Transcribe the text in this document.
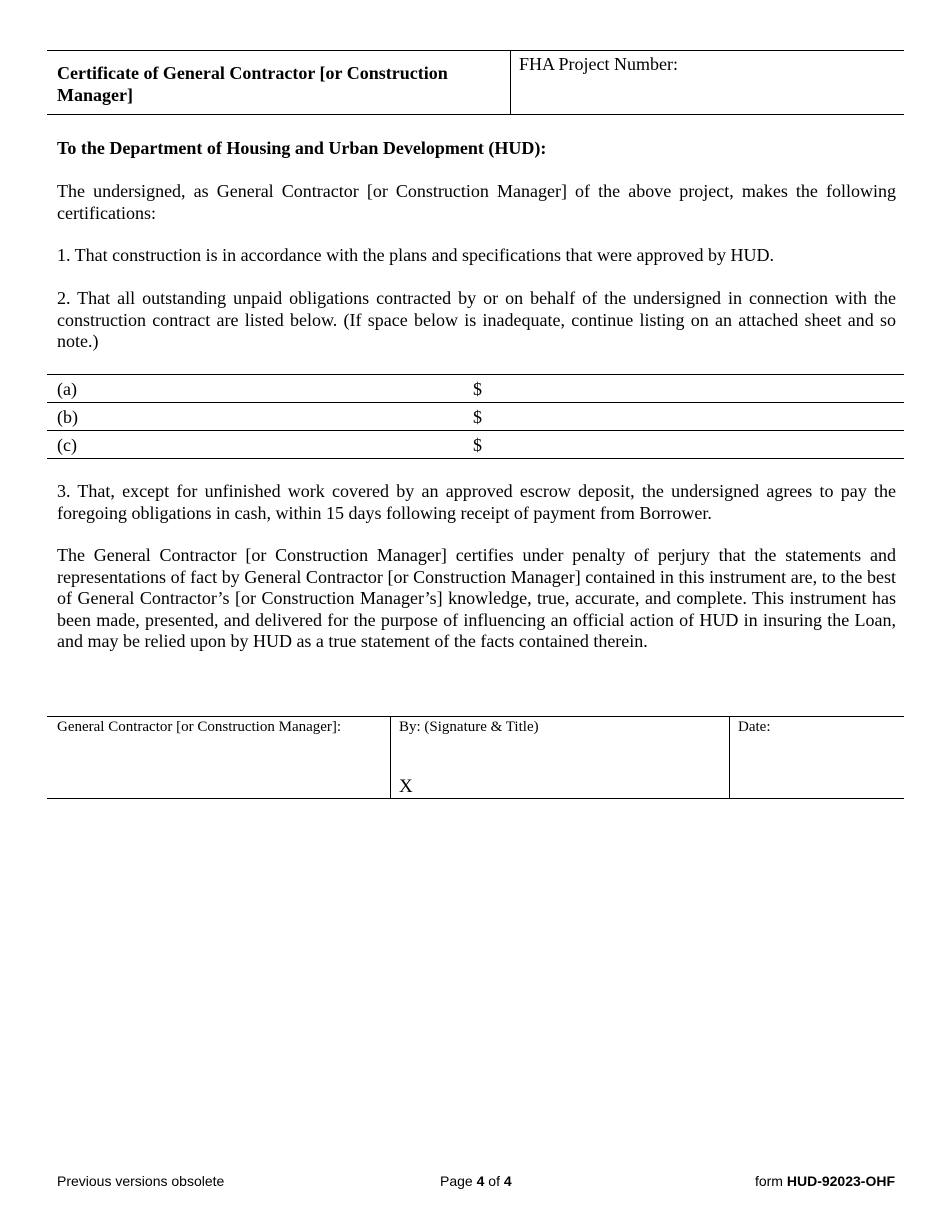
Certificate of General Contractor [or Construction Manager]
FHA Project Number:
To the Department of Housing and Urban Development (HUD):
The undersigned, as General Contractor [or Construction Manager] of the above project, makes the following certifications:
1. That construction is in accordance with the plans and specifications that were approved by HUD.
2. That all outstanding unpaid obligations contracted by or on behalf of the undersigned in connection with the construction contract are listed below. (If space below is inadequate, continue listing on an attached sheet and so note.)
(a)	$
(b)	$
(c)	$
3. That, except for unfinished work covered by an approved escrow deposit, the undersigned agrees to pay the foregoing obligations in cash, within 15 days following receipt of payment from Borrower.
The General Contractor [or Construction Manager] certifies under penalty of perjury that the statements and representations of fact by General Contractor [or Construction Manager] contained in this instrument are, to the best of General Contractor’s [or Construction Manager’s] knowledge, true, accurate, and complete. This instrument has been made, presented, and delivered for the purpose of influencing an official action of HUD in insuring the Loan, and may be relied upon by HUD as a true statement of the facts contained therein.
General Contractor [or Construction Manager]:	By: (Signature & Title)
X
Date:
Previous versions obsolete	Page 4 of 4	form HUD-92023-OHF
